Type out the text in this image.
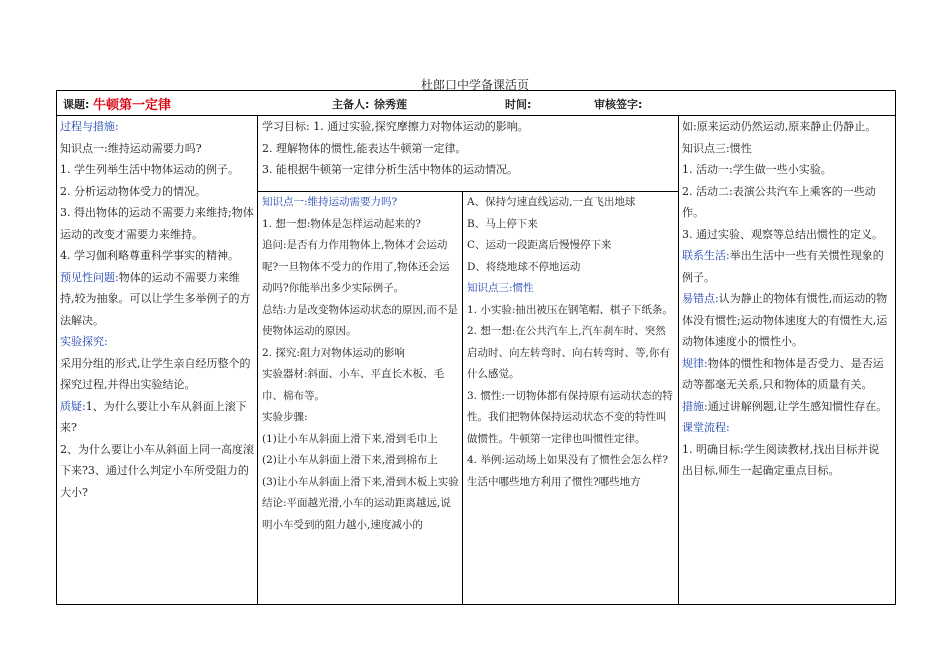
杜郎口中学备课活页
课题: 牛顿第一定律	主备人: 徐秀莲	时间:	审核签字:

过程与措施:

知识点一:维持运动需要力吗?

1. 学生列举生活中物体运动的例子。

2. 分析运动物体受力的情况。

3. 得出物体的运动不需要力来维持;物体运动的改变才需要力来维持。

4. 学习伽利略尊重科学事实的精神。

预见性问题:物体的运动不需要力来维持,较为抽象。可以让学生多举例子的方法解决。

实验探究:

采用分组的形式,让学生亲自经历整个的探究过程,并得出实验结论。

质疑:1、为什么要让小车从斜面上滚下来?

2、为什么要让小车从斜面上同一高度滚下来?3、通过什么判定小车所受阻力的大小?

学习目标: 1. 通过实验,探究摩擦力对物体运动的影响。

2. 理解物体的惯性,能表达牛顿第一定律。

3. 能根据牛顿第一定律分析生活中物体的运动情况。

知识点一:维持运动需要力吗?

1. 想一想:物体是怎样运动起来的?

追问:是否有力作用物体上,物体才会运动呢?一旦物体不受力的作用了,物体还会运动吗?你能举出多少实际例子。

总结:力是改变物体运动状态的原因,而不是使物体运动的原因。

2. 探究:阻力对物体运动的影响

实验器材:斜面、小车、平直长木板、毛巾、棉布等。

实验步骤:

(1)让小车从斜面上滑下来,滑到毛巾上

(2)让小车从斜面上滑下来,滑到棉布上

(3)让小车从斜面上滑下来,滑到木板上实验结论:平面越光滑,小车的运动距离越远,说明小车受到的阻力越小,速度减小的

A、保持匀速直线运动,一直飞出地球

B、马上停下来

C、运动一段距离后慢慢停下来

D、将绕地球不停地运动

知识点三:惯性

1. 小实验:抽出被压在钢笔帽、棋子下纸条。

2. 想一想:在公共汽车上,汽车刹车时、突然启动时、向左转弯时、向右转弯时、等,你有什么感觉。

3. 惯性:一切物体都有保持原有运动状态的特性。我们把物体保持运动状态不变的特性叫做惯性。牛顿第一定律也叫惯性定律。

4. 举例:运动场上如果没有了惯性会怎么样?生活中哪些地方利用了惯性?哪些地方

如:原来运动仍然运动,原来静止仍静止。

知识点三:惯性

1. 活动一:学生做一些小实验。

2. 活动二:表演公共汽车上乘客的一些动作。

3. 通过实验、观察等总结出惯性的定义。

联系生活:举出生活中一些有关惯性现象的例子。

易错点:认为静止的物体有惯性,而运动的物体没有惯性;运动物体速度大的有惯性大,运动物体速度小的惯性小。

规律:物体的惯性和物体是否受力、是否运动等都毫无关系,只和物体的质量有关。

措施:通过讲解例题,让学生感知惯性存在。

课堂流程:

1. 明确目标:学生阅读教材,找出目标并说出目标,师生一起确定重点目标。
